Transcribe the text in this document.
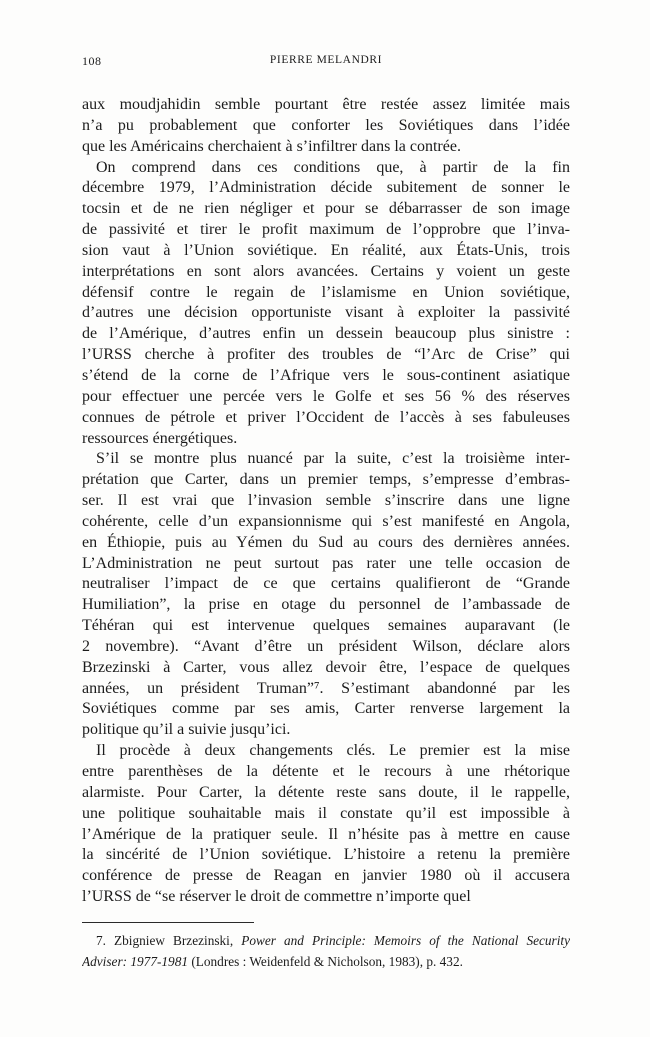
108	PIERRE MELANDRI
aux moudjahidin semble pourtant être restée assez limitée mais
n’a pu probablement que conforter les Soviétiques dans l’idée
que les Américains cherchaient à s’infiltrer dans la contrée.
On comprend dans ces conditions que, à partir de la fin
décembre 1979, l’Administration décide subitement de sonner le
tocsin et de ne rien négliger et pour se débarrasser de son image
de passivité et tirer le profit maximum de l’opprobre que l’inva-
sion vaut à l’Union soviétique. En réalité, aux États-Unis, trois
interprétations en sont alors avancées. Certains y voient un geste
défensif contre le regain de l’islamisme en Union soviétique,
d’autres une décision opportuniste visant à exploiter la passivité
de l’Amérique, d’autres enfin un dessein beaucoup plus sinistre :
l’URSS cherche à profiter des troubles de “l’Arc de Crise” qui
s’étend de la corne de l’Afrique vers le sous-continent asiatique
pour effectuer une percée vers le Golfe et ses 56 % des réserves
connues de pétrole et priver l’Occident de l’accès à ses fabuleuses
ressources énergétiques.
S’il se montre plus nuancé par la suite, c’est la troisième inter-
prétation que Carter, dans un premier temps, s’empresse d’embras-
ser. Il est vrai que l’invasion semble s’inscrire dans une ligne
cohérente, celle d’un expansionnisme qui s’est manifesté en Angola,
en Éthiopie, puis au Yémen du Sud au cours des dernières années.
L’Administration ne peut surtout pas rater une telle occasion de
neutraliser l’impact de ce que certains qualifieront de “Grande
Humiliation”, la prise en otage du personnel de l’ambassade de
Téhéran qui est intervenue quelques semaines auparavant (le
2 novembre). “Avant d’être un président Wilson, déclare alors
Brzezinski à Carter, vous allez devoir être, l’espace de quelques
années, un président Truman”⁷. S’estimant abandonné par les
Soviétiques comme par ses amis, Carter renverse largement la
politique qu’il a suivie jusqu’ici.
Il procède à deux changements clés. Le premier est la mise
entre parenthèses de la détente et le recours à une rhétorique
alarmiste. Pour Carter, la détente reste sans doute, il le rappelle,
une politique souhaitable mais il constate qu’il est impossible à
l’Amérique de la pratiquer seule. Il n’hésite pas à mettre en cause
la sincérité de l’Union soviétique. L’histoire a retenu la première
conférence de presse de Reagan en janvier 1980 où il accusera
l’URSS de “se réserver le droit de commettre n’importe quel
7. Zbigniew Brzezinski, Power and Principle: Memoirs of the National Security
Adviser: 1977-1981 (Londres : Weidenfeld & Nicholson, 1983), p. 432.
